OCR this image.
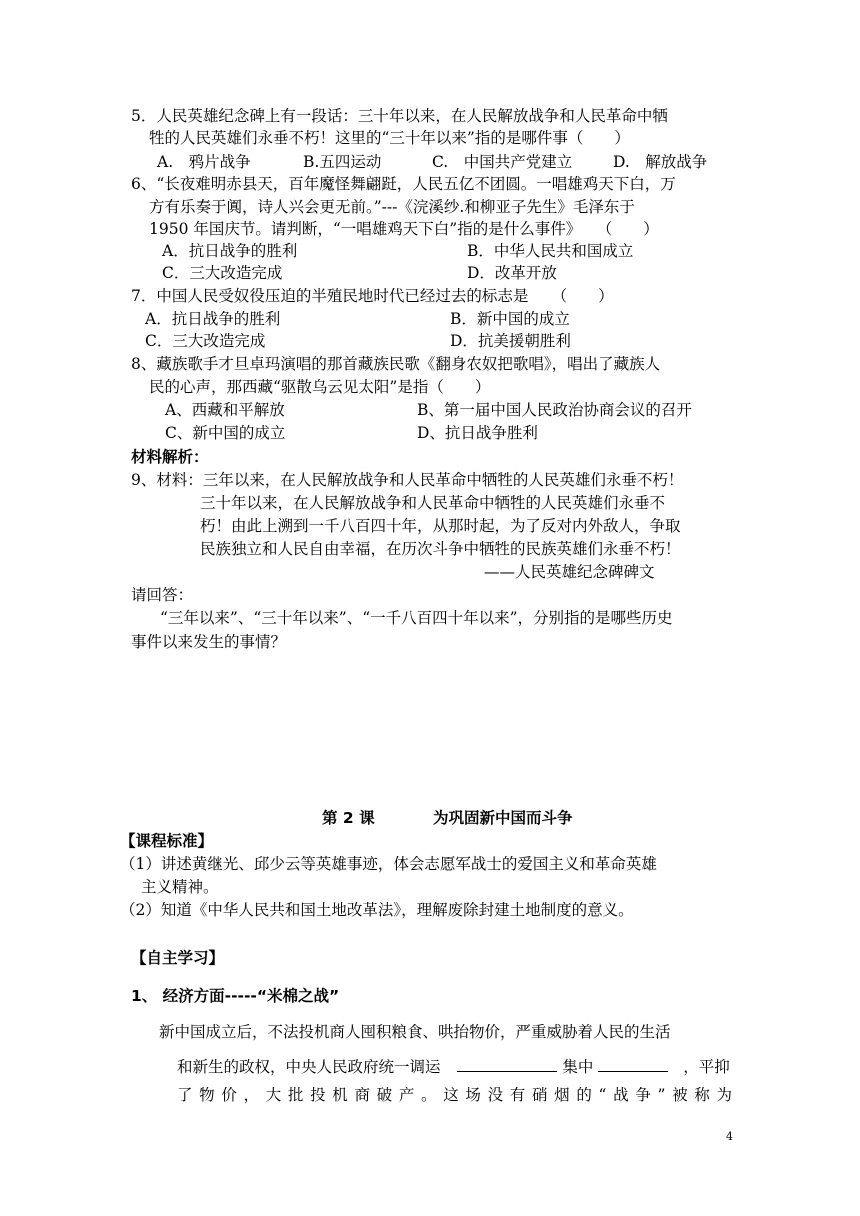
5．人民英雄纪念碑上有一段话：三十年以来，在人民解放战争和人民革命中牺
牲的人民英雄们永垂不朽！这里的“三十年以来”指的是哪件事（　　）
A.　鸦片战争	B.五四运动	C.　中国共产党建立	D.　解放战争
6、“长夜难明赤县天，百年魔怪舞翩跹，人民五亿不团圆。一唱雄鸡天下白，万
方有乐奏于阗，诗人兴会更无前。”---《浣溪纱.和柳亚子先生》毛泽东于
1950 年国庆节。请判断，“一唱雄鸡天下白”指的是什么事件》　　（　　）
A．抗日战争的胜利	B．中华人民共和国成立
C．三大改造完成	D．改革开放
7．中国人民受奴役压迫的半殖民地时代已经过去的标志是　　（　　）
A．抗日战争的胜利	B．新中国的成立
C．三大改造完成	D．抗美援朝胜利
8、藏族歌手才旦卓玛演唱的那首藏族民歌《翻身农奴把歌唱》，唱出了藏族人
民的心声，那西藏“驱散乌云见太阳”是指（　　）
A、西藏和平解放	B、第一届中国人民政治协商会议的召开
C、新中国的成立	D、抗日战争胜利
材料解析：
9、材料：三年以来，在人民解放战争和人民革命中牺牲的人民英雄们永垂不朽！
三十年以来，在人民解放战争和人民革命中牺牲的人民英雄们永垂不
朽！由此上溯到一千八百四十年，从那时起，为了反对内外敌人，争取
民族独立和人民自由幸福，在历次斗争中牺牲的民族英雄们永垂不朽！
——人民英雄纪念碑碑文
请回答：
“三年以来”、“三十年以来”、“一千八百四十年以来”，分别指的是哪些历史
事件以来发生的事情？
第 2 课	为巩固新中国而斗争
【课程标准】
（1）讲述黄继光、邱少云等英雄事迹，体会志愿军战士的爱国主义和革命英雄
主义精神。
（2）知道《中华人民共和国土地改革法》，理解废除封建土地制度的意义。
【自主学习】
1、 经济方面-----“米棉之战”
新中国成立后，不法投机商人囤积粮食、哄抬物价，严重威胁着人民的生活
和新生的政权，中央人民政府统一调运	集中	，平抑
了物价，大批投机商破产。这场没有硝烟的“战争”被称为
4
